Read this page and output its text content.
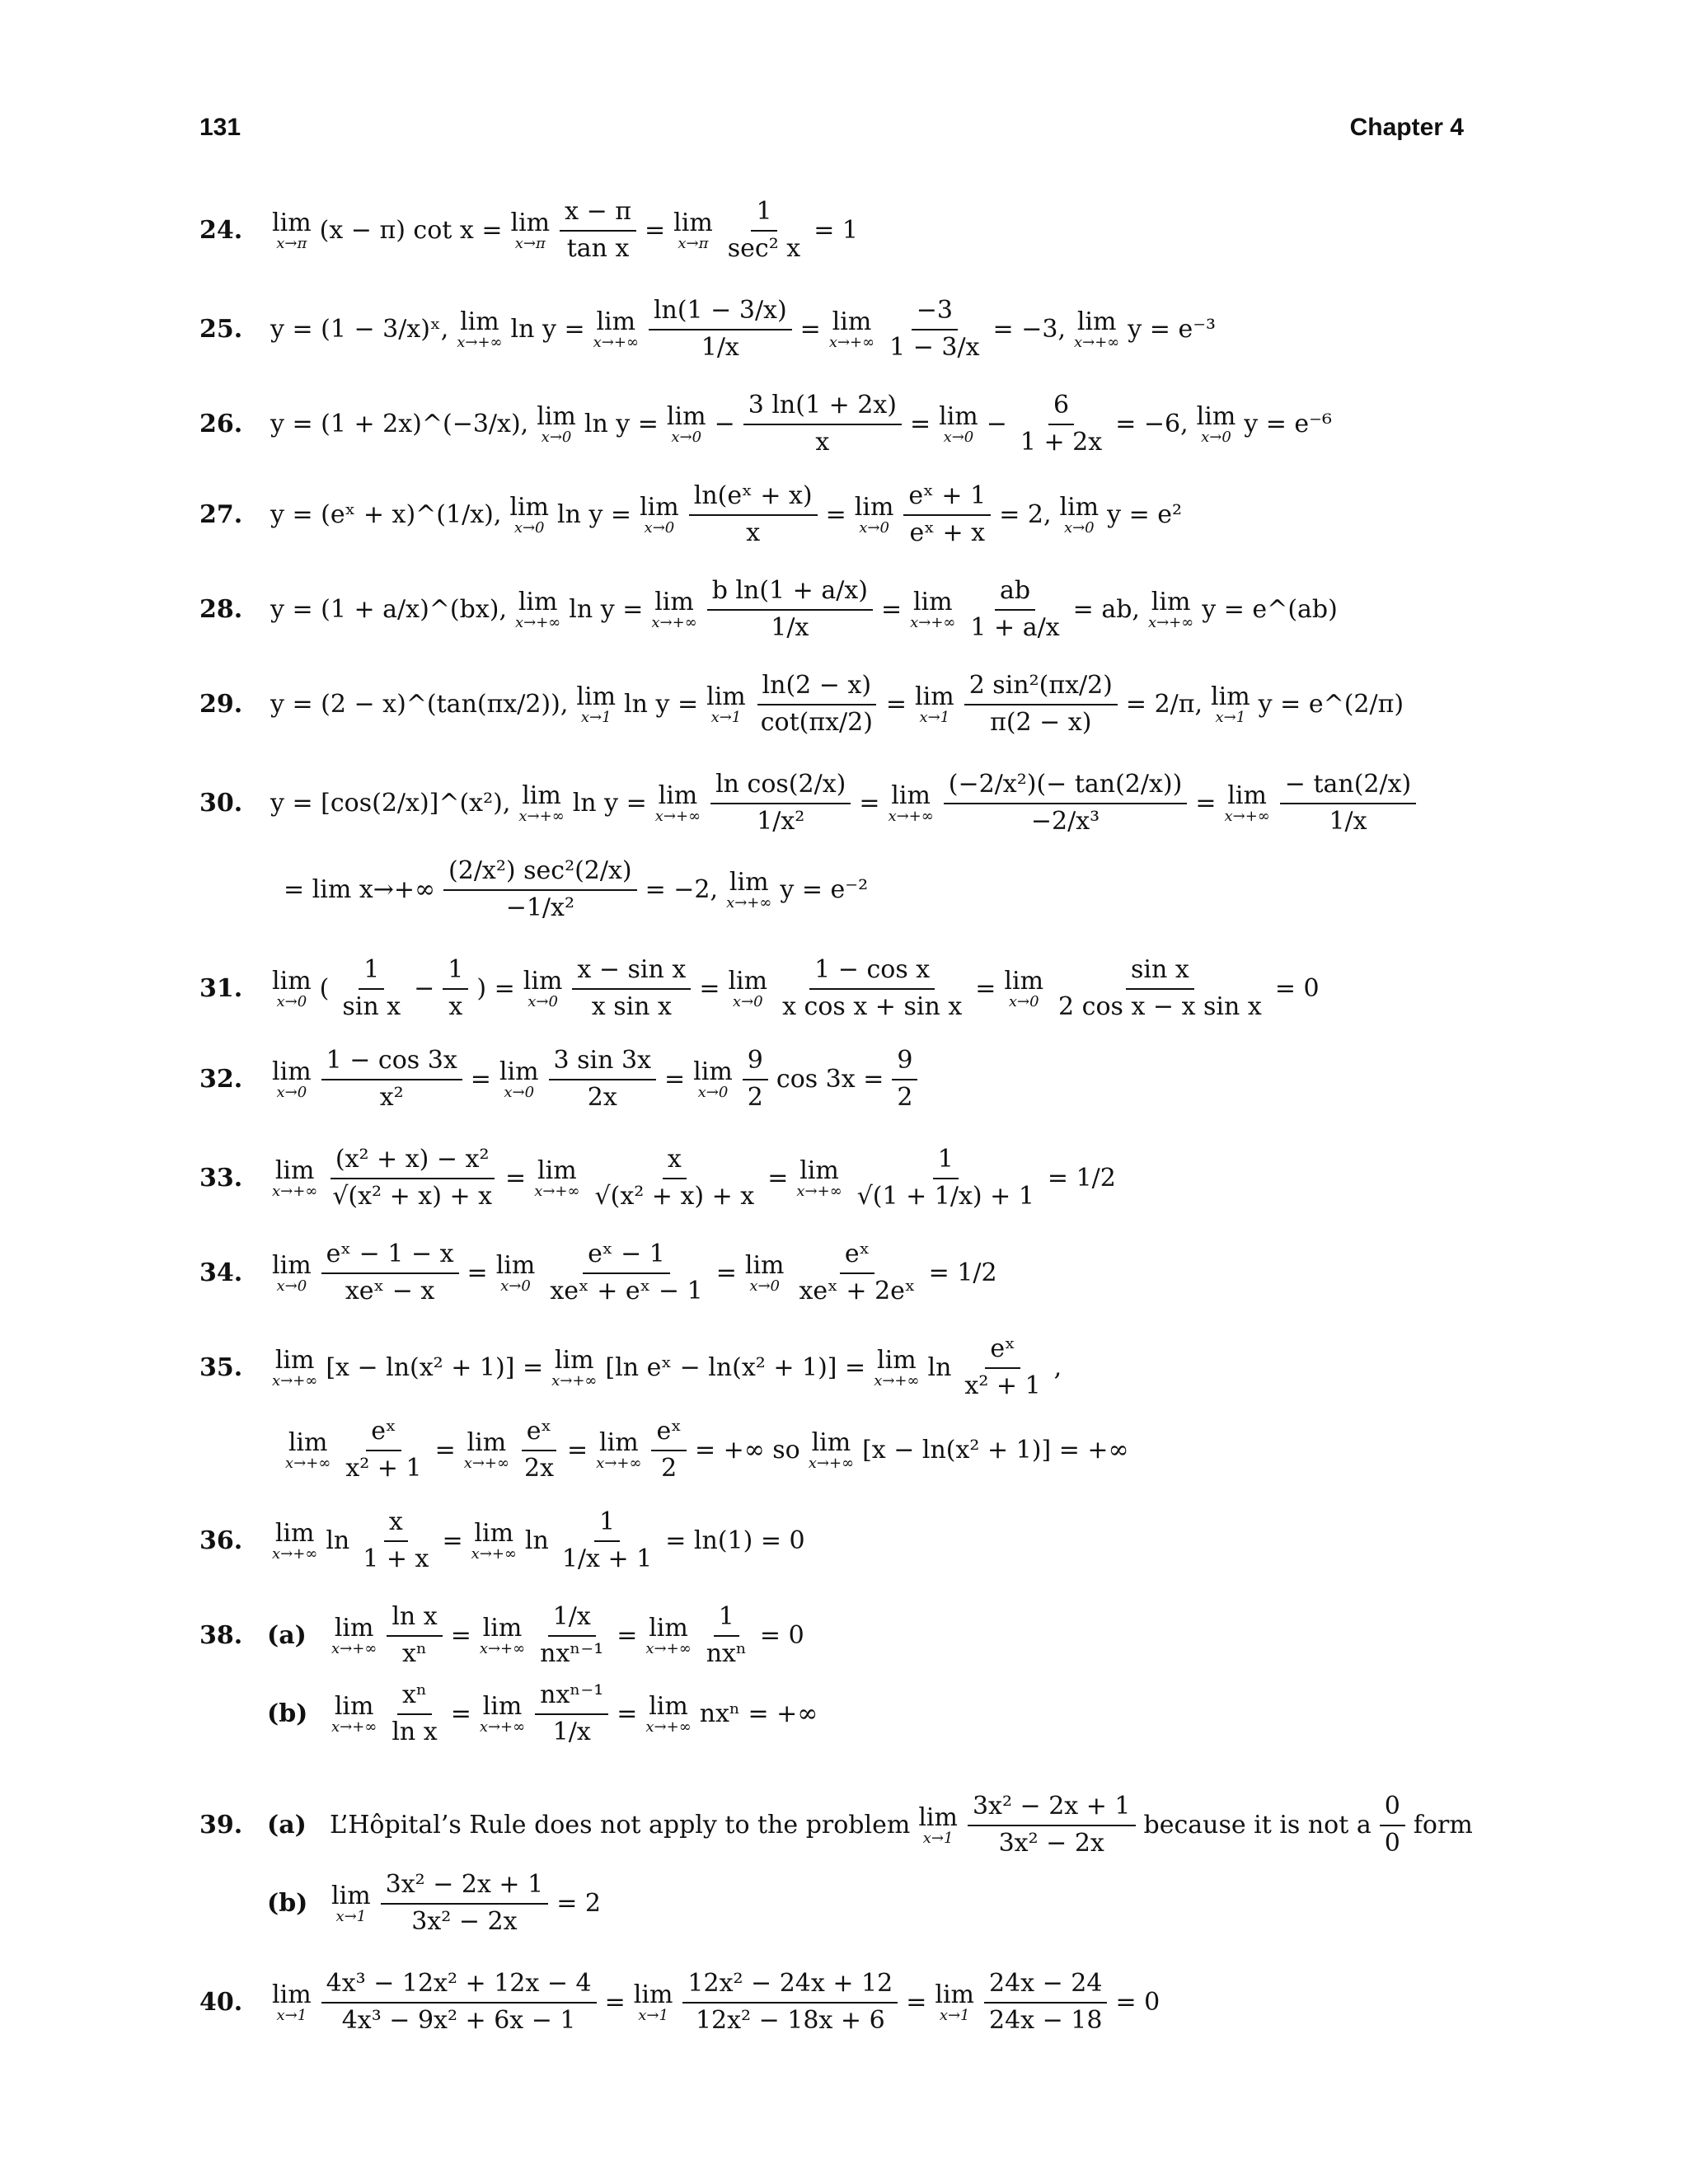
131	Chapter 4
24.	lim
x→π (x − π) cot x = lim
$x\to\pi \frac{x - \pi}{\text{tan x}} = \lim$
$x\to\pi \frac{1}{\text{sec² x}} = 1$
25.	y = (1 − 3/x)ˣ, lim
x→+∞ ln y = lim
$x\to+\infty \frac{\ln(1 - 3/x)}{1/x} = \lim$
$x\to+\infty \frac{-3}{1 - 3/x} = -3$, lim
x→+∞ y = e⁻³
26.	y = (1 + 2x)^(−3/x), lim
x→0 ln y = lim
$x\to 0 - \frac{3 \ln(1 + 2x)}{x} = \lim$
$x\to 0 - \frac{6}{1 + 2x} = -6$, lim
x→0 y = e⁻⁶
27.	y = (eˣ + x)^(1/x), lim
x→0 ln y = lim
$x\to 0 \frac{\text{ln(eˣ + x)}}{x} = \lim$
$x\to 0 \frac{\text{eˣ + 1}}{\text{eˣ + x}} = 2$, lim
x→0 y = e²
28.	y = (1 + a/x)^(bx), lim
x→+∞ ln y = lim
$x\to+\infty \frac{\text{b ln(1 + a/x)}}{1/x} = \lim$
$x\to+\infty \frac{ab}{1 + a/x}$ = ab, lim
x→+∞ y = e^(ab)
29.	y = (2 − x)^(tan(πx/2)), lim
x→1 ln y = lim
$x\to 1 \frac{\ln(2 - x)}{\cot(\pi x/2)} = \lim$
$x\to 1 \frac{\text{2 sin²(πx/2)}}{\pi(2 - x)} = 2/\pi$, lim
x→1 y = e^(2/π)
30.	y = [cos(2/x)]^(x²), lim
x→+∞ ln y = lim
$x\to+\infty \frac{\text{ln cos(2/x)}}{\text{1/x²}} = \lim$
$x\to+\infty \frac{\text{(−2/x²)(− tan(2/x))}}{\text{−2/x³}} = \lim$
$x\to+\infty \frac{- \tan(2/x)}{1/x}$
= $\lim x\to+\infty \frac{\text{(2/x²) sec²(2/x)}}{\text{−1/x²}} = -2$, lim
x→+∞ y = e⁻²
31.	lim
x→0 ( $\frac{1}{\text{sin x}} - \frac{1}{x}$ ) = lim
$x\to 0 \frac{\text{x − sin x}}{\text{x sin x}} = \lim$
$x\to 0 \frac{\text{1 − cos x}}{\text{x cos x + sin x}} = \lim$
$x\to 0 \frac{\text{sin x}}{\text{2 cos x − x sin x}} = 0$
32.	lim
$x\to 0 \frac{1 - \cos 3x}{\text{x²}} = \lim$
$x\to 0 \frac{3 \sin 3x}{2x} = \lim$
$x\to 0 \frac{9}{2}$ $\cos 3x = \frac{9}{2}$
33.	lim
$x\to+\infty \frac{\text{(x² + x) − x²}}{\text{√(x² + x) + x}} = \lim$
$x\to+\infty \frac{x}{\text{√(x² + x) + x}} = \lim$
$x\to+\infty \frac{1}{√(1 + 1/x) + 1} = 1/2$
34.	lim
$x\to 0 \frac{\text{eˣ − 1 − x}}{\text{xeˣ − x}} = \lim$
$x\to 0 \frac{\text{eˣ − 1}}{\text{xeˣ + eˣ − 1}} = \lim$
$x\to 0 \frac{\text{eˣ}}{\text{xeˣ + 2eˣ}} = 1/2$
35.	lim
x→+∞ [x − ln(x² + 1)] = lim
x→+∞ [ln eˣ − ln(x² + 1)] = lim
x→+∞ $\ln \frac{\text{eˣ}}{\text{x² + 1}}$ ,
lim
$x\to+\infty \frac{\text{eˣ}}{\text{x² + 1}} = \lim$
$x\to+\infty \frac{\text{eˣ}}{2x} = \lim$
$x\to+\infty \frac{\text{eˣ}}{2}$ = +∞ so lim
x→+∞ [x − ln(x² + 1)] = +∞
36.	lim
x→+∞ $\ln \frac{x}{1 + x} = \lim$
x→+∞ $\ln \frac{1}{1/x + 1} = \ln(1) = 0$
38. (a)	lim
$x\to+\infty \frac{\text{ln x}}{\text{xⁿ}} = \lim$
$x\to+\infty \frac{1/x}{\text{nxⁿ⁻¹}} = \lim$
$x\to+\infty \frac{1}{\text{nxⁿ}} = 0$
(b)	lim
$x\to+\infty \frac{\text{xⁿ}}{\text{ln x}} = \lim$
$x\to+\infty \frac{\text{nxⁿ⁻¹}}{1/x} = \lim$
x→+∞ nxⁿ = +∞
39. (a) L’Hôpital’s Rule does not apply to the problem lim
$x\to 1 \frac{\text{3x² − 2x + 1}}{\text{3x² − 2x}}$ because it is not a $\frac{0}{0}$ form
(b) lim
$x\to 1 \frac{\text{3x² − 2x + 1}}{\text{3x² − 2x}} = 2$
40.	lim
$x\to 1 \frac{\text{4x³ − 12x² + 12x − 4}}{\text{4x³ − 9x² + 6x − 1}} = \lim$
$x\to 1 \frac{\text{12x² − 24x + 12}}{\text{12x² − 18x + 6}} = \lim$
$x\to 1 \frac{24x - 24}{24x - 18} = 0$
